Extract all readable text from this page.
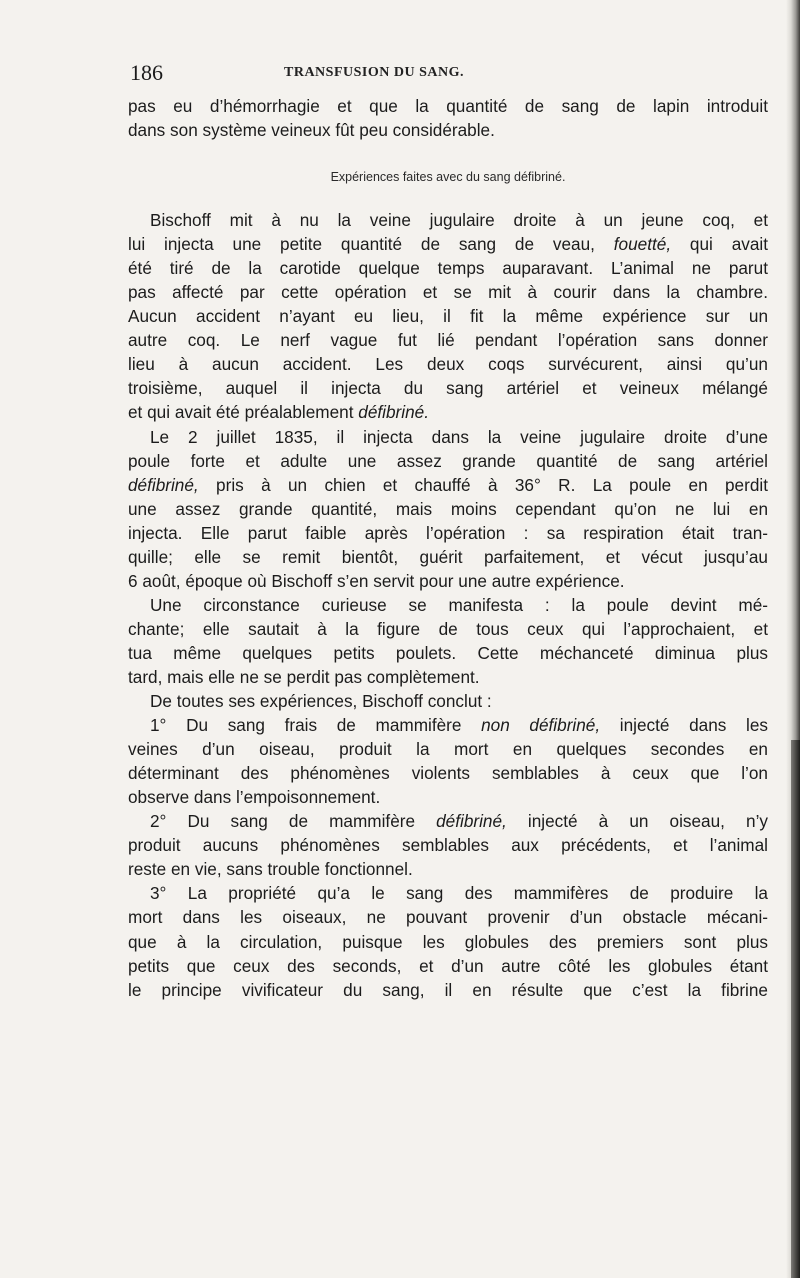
186	TRANSFUSION DU SANG.
pas eu d’hémorrhagie et que la quantité de sang de lapin introduit
dans son système veineux fût peu considérable.
Expériences faites avec du sang défibriné.
Bischoff mit à nu la veine jugulaire droite à un jeune coq, et
lui injecta une petite quantité de sang de veau, fouetté, qui avait
été tiré de la carotide quelque temps auparavant. L’animal ne parut
pas affecté par cette opération et se mit à courir dans la chambre.
Aucun accident n’ayant eu lieu, il fit la même expérience sur un
autre coq. Le nerf vague fut lié pendant l’opération sans donner
lieu à aucun accident. Les deux coqs survécurent, ainsi qu’un
troisième, auquel il injecta du sang artériel et veineux mélangé
et qui avait été préalablement défibriné.
Le 2 juillet 1835, il injecta dans la veine jugulaire droite d’une
poule forte et adulte une assez grande quantité de sang artériel
défibriné, pris à un chien et chauffé à 36° R. La poule en perdit
une assez grande quantité, mais moins cependant qu’on ne lui en
injecta. Elle parut faible après l’opération : sa respiration était tran-
quille; elle se remit bientôt, guérit parfaitement, et vécut jusqu’au
6 août, époque où Bischoff s’en servit pour une autre expérience.
Une circonstance curieuse se manifesta : la poule devint mé-
chante; elle sautait à la figure de tous ceux qui l’approchaient, et
tua même quelques petits poulets. Cette méchanceté diminua plus
tard, mais elle ne se perdit pas complètement.
De toutes ses expériences, Bischoff conclut :
1° Du sang frais de mammifère non défibriné, injecté dans les
veines d’un oiseau, produit la mort en quelques secondes en
déterminant des phénomènes violents semblables à ceux que l’on
observe dans l’empoisonnement.
2° Du sang de mammifère défibriné, injecté à un oiseau, n’y
produit aucuns phénomènes semblables aux précédents, et l’animal
reste en vie, sans trouble fonctionnel.
3° La propriété qu’a le sang des mammifères de produire la
mort dans les oiseaux, ne pouvant provenir d’un obstacle mécani-
que à la circulation, puisque les globules des premiers sont plus
petits que ceux des seconds, et d’un autre côté les globules étant
le principe vivificateur du sang, il en résulte que c’est la fibrine
